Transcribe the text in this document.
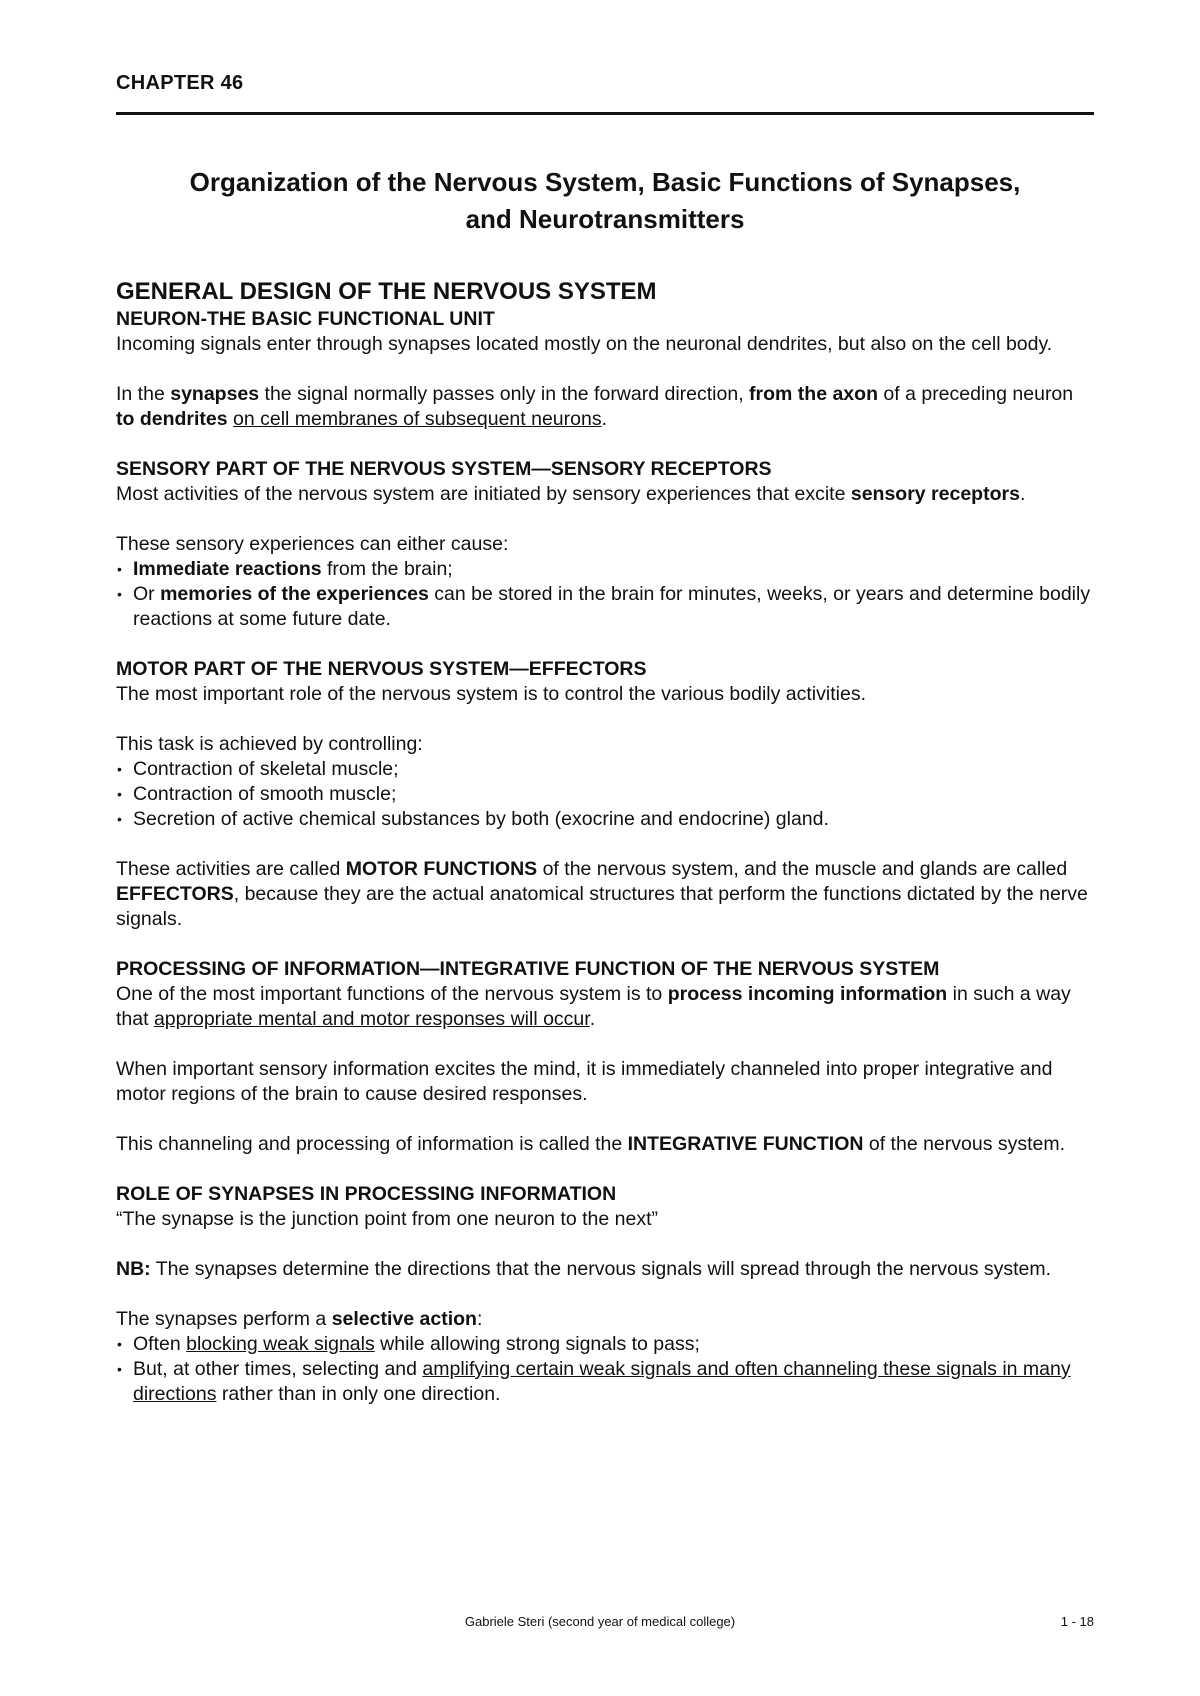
CHAPTER 46
Organization of the Nervous System, Basic Functions of Synapses,
and Neurotransmitters
GENERAL DESIGN OF THE NERVOUS SYSTEM
NEURON-THE BASIC FUNCTIONAL UNIT

Incoming signals enter through synapses located mostly on the neuronal dendrites, but also on the cell body.

In the synapses the signal normally passes only in the forward direction, from the axon of a preceding neuron to dendrites on cell membranes of subsequent neurons.

SENSORY PART OF THE NERVOUS SYSTEM—SENSORY RECEPTORS

Most activities of the nervous system are initiated by sensory experiences that excite sensory receptors.

These sensory experiences can either cause:

• Immediate reactions from the brain;
• Or memories of the experiences can be stored in the brain for minutes, weeks, or years and determine bodily reactions at some future date.
MOTOR PART OF THE NERVOUS SYSTEM—EFFECTORS

The most important role of the nervous system is to control the various bodily activities.

This task is achieved by controlling:

• Contraction of skeletal muscle;
• Contraction of smooth muscle;
• Secretion of active chemical substances by both (exocrine and endocrine) gland.

These activities are called MOTOR FUNCTIONS of the nervous system, and the muscle and glands are called EFFECTORS, because they are the actual anatomical structures that perform the functions dictated by the nerve signals.

PROCESSING OF INFORMATION—INTEGRATIVE FUNCTION OF THE NERVOUS SYSTEM

One of the most important functions of the nervous system is to process incoming information in such a way that appropriate mental and motor responses will occur.

When important sensory information excites the mind, it is immediately channeled into proper integrative and motor regions of the brain to cause desired responses.

This channeling and processing of information is called the INTEGRATIVE FUNCTION of the nervous system.

ROLE OF SYNAPSES IN PROCESSING INFORMATION

“The synapse is the junction point from one neuron to the next”

NB: The synapses determine the directions that the nervous signals will spread through the nervous system.

The synapses perform a selective action:

• Often blocking weak signals while allowing strong signals to pass;
• But, at other times, selecting and amplifying certain weak signals and often channeling these signals in many directions rather than in only one direction.
Gabriele Steri (second year of medical college)	1 - 18
